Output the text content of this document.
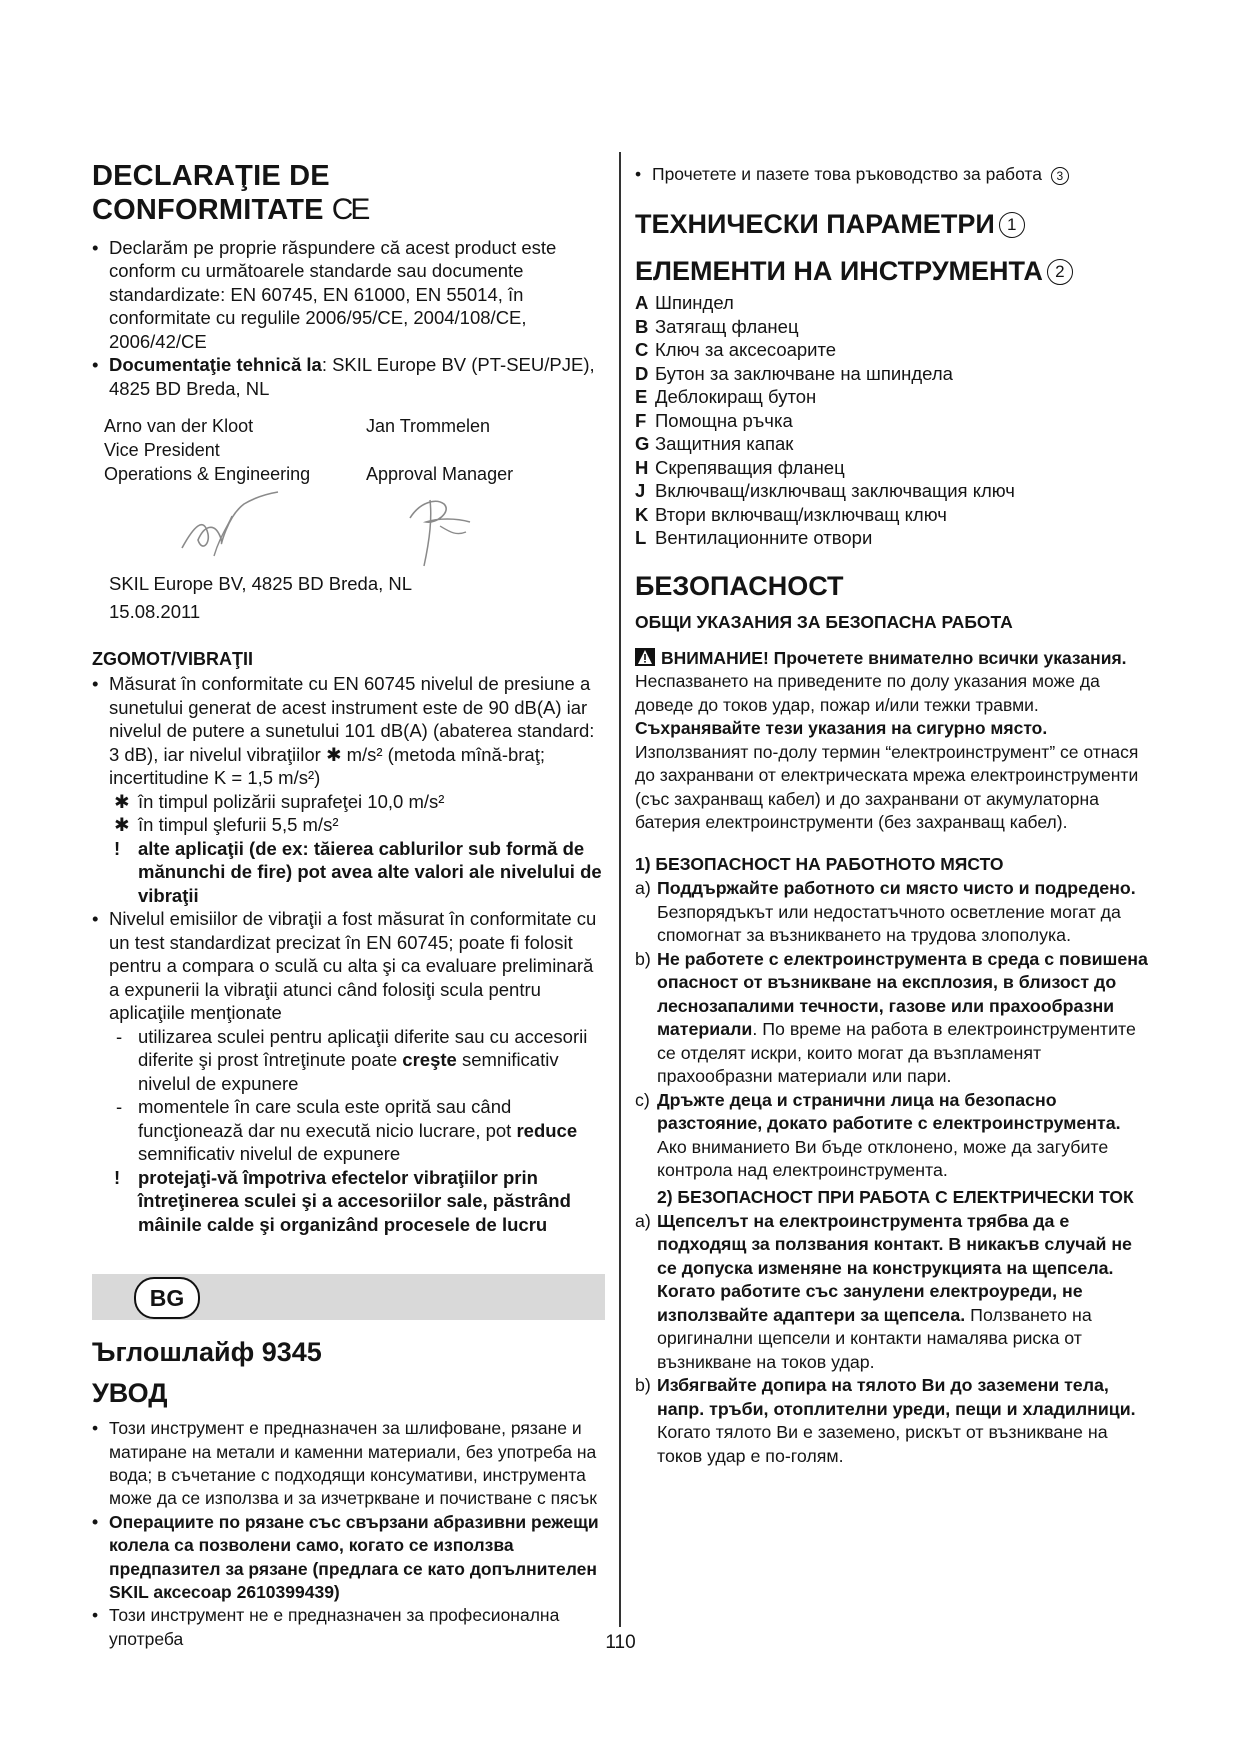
DECLARAŢIE DE CONFORMITATE CE
• Declarăm pe proprie răspundere că acest product este conform cu următoarele standarde sau documente standardizate: EN 60745, EN 61000, EN 55014, în conformitate cu regulile 2006/95/CE, 2004/108/CE, 2006/42/CE
• Documentaţie tehnică la: SKIL Europe BV (PT-SEU/PJE), 4825 BD Breda, NL
Arno van der Kloot	Jan Trommelen
Vice President
Operations & Engineering	Approval Manager

SKIL Europe BV, 4825 BD Breda, NL

15.08.2011

ZGOMOT/VIBRAŢII
• Măsurat în conformitate cu EN 60745 nivelul de presiune a sunetului generat de acest instrument este de 90 dB(A) iar nivelul de putere a sunetului 101 dB(A) (abaterea standard: 3 dB), iar nivelul vibraţiilor ✱ m/s² (metoda mînă-braţ; incertitudine K = 1,5 m/s²)

✱ în timpul polizării suprafeţei 10,0 m/s²

✱ în timpul şlefurii 5,5 m/s²

! alte aplicaţii (de ex: tăierea cablurilor sub formă de mănunchi de fire) pot avea alte valori ale nivelului de vibraţii

• Nivelul emisiilor de vibraţii a fost măsurat în conformitate cu un test standardizat precizat în EN 60745; poate fi folosit pentru a compara o sculă cu alta şi ca evaluare preliminară a expunerii la vibraţii atunci când folosiţi scula pentru aplicaţiile menţionate

- utilizarea sculei pentru aplicaţii diferite sau cu accesorii diferite şi prost întreţinute poate creşte semnificativ nivelul de expunere

- momentele în care scula este oprită sau când funcţionează dar nu execută nicio lucrare, pot reduce semnificativ nivelul de expunere

! protejaţi-vă împotriva efectelor vibraţiilor prin întreţinerea sculei şi a accesoriilor sale, păstrând mâinile calde şi organizând procesele de lucru

BG
Ъглошлайф 9345
УВОД
• Този инструмент е предназначен за шлифоване, рязане и матиране на метали и каменни материали, без употреба на вода; в съчетание с подходящи консумативи, инструмента може да се използва и за изчетркване и почистване с пясък
• Операциите по рязане със свързани абразивни режещи колела са позволени само, когато се използва предпазител за рязане (предлага се като допълнителен SKIL аксесоар 2610399439)
• Този инструмент не е предназначен за професионална употреба
• Прочетете и пазете това ръководство за работа 3
ТЕХНИЧЕСКИ ПАРАМЕТРИ 1
ЕЛЕМЕНТИ НА ИНСТРУМЕНТА 2
A Шпиндел
B Затягащ фланец
C Ключ за аксесоарите
D Бутон за заключване на шпиндела
E Деблокиращ бутон
F Помощна ръчка
G Защитния капак
H Скрепяващия фланец
J Включващ/изключващ заключващия ключ
K Втори включващ/изключващ ключ
L Вентилационните отвори
БЕЗОПАСНОСТ
ОБЩИ УКАЗАНИЯ ЗА БЕЗОПАСНА РАБОТА

ВНИМАНИЕ! Прочетете внимателно всички указания. Неспазването на приведените по долу указания може да доведе до токов удар, пожар и/или тежки травми. Съхранявайте тези указания на сигурно място. Използваният по-долу термин “електроинструмент” се отнася до захранвани от електрическата мрежа електроинструменти (със захранващ кабел) и до захранвани от акумулаторна батерия електроинструменти (без захранващ кабел).

1) БЕЗОПАСНОСТ НА РАБОТНОТО МЯСТО
a) Поддържайте работното си място чисто и подредено. Безпорядъкът или недостатъчното осветление могат да спомогнат за възникването на трудова злополука.
b) Не работете с електроинструмента в среда с повишена опасност от възникване на експлозия, в близост до леснозапалими течности, газове или прахообразни материали. По време на работа в електроинструментите се отделят искри, които могат да възпламенят прахообразни материали или пари.
c) Дръжте деца и странични лица на безопасно разстояние, докато работите с електроинструмента. Ако вниманието Ви бъде отклонено, може да загубите контрола над електроинструмента.
2) БЕЗОПАСНОСТ ПРИ РАБОТА С ЕЛЕКТРИЧЕСКИ ТОК
a) Щепселът на електроинструмента трябва да е подходящ за ползвания контакт. В никакъв случай не се допуска изменяне на конструкцията на щепсела. Когато работите със занулени електроуреди, не използвайте адаптери за щепсела. Ползването на оригинални щепсели и контакти намалява риска от възникване на токов удар.
b) Избягвайте допира на тялото Ви до заземени тела, напр. тръби, отоплителни уреди, пещи и хладилници. Когато тялото Ви е заземено, рискът от възникване на токов удар е по-голям.
110
